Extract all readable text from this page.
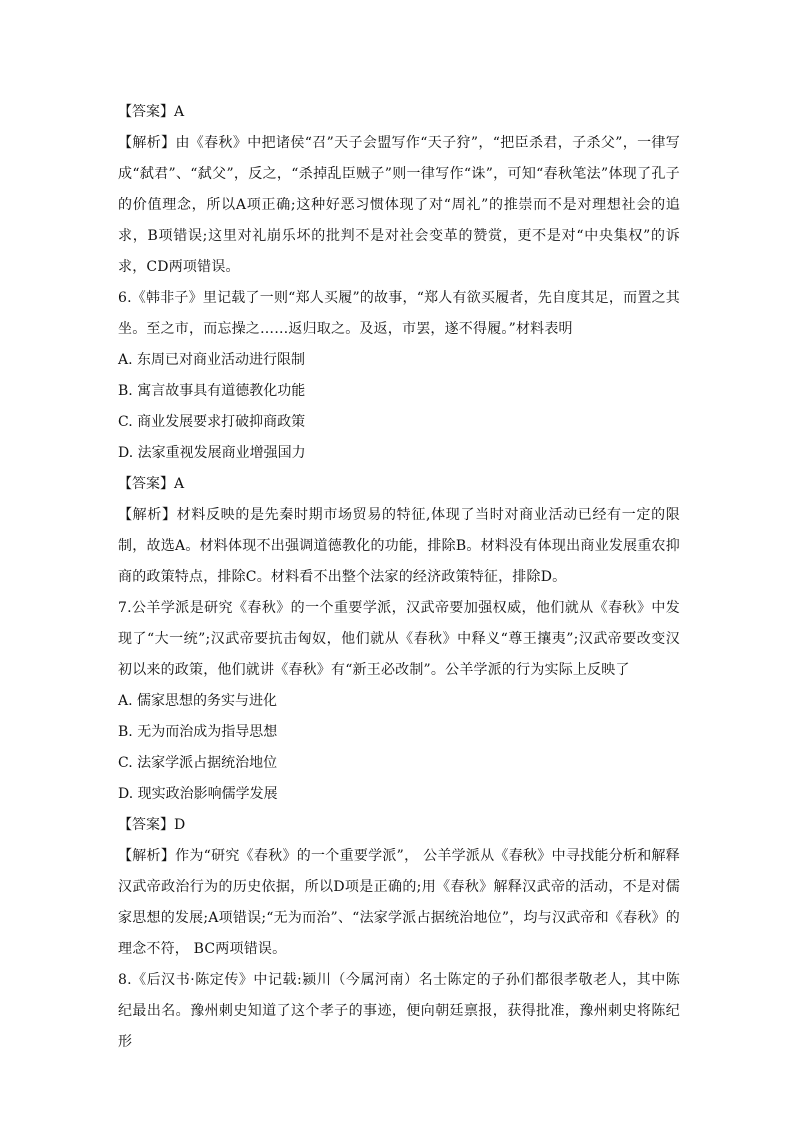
【答案】A

【解析】由《春秋》中把诸侯“召”天子会盟写作“天子狩”，“把臣杀君，子杀父”，一律写成“弑君”、“弑父”，反之，“杀掉乱臣贼子”则一律写作“诛”，可知“春秋笔法”体现了孔子的价值理念，所以A项正确;这种好恶习惯体现了对“周礼”的推崇而不是对理想社会的追求，B项错误;这里对礼崩乐坏的批判不是对社会变革的赞赏，更不是对“中央集权”的诉求，CD两项错误。

6.《韩非子》里记载了一则“郑人买履”的故事，“郑人有欲买履者，先自度其足，而置之其坐。至之市，而忘操之……返归取之。及返，市罢，遂不得履。”材料表明

A. 东周已对商业活动进行限制

B. 寓言故事具有道德教化功能

C. 商业发展要求打破抑商政策

D. 法家重视发展商业增强国力

【答案】A

【解析】材料反映的是先秦时期市场贸易的特征,体现了当时对商业活动已经有一定的限制，故选A。材料体现不出强调道德教化的功能，排除B。材料没有体现出商业发展重农抑商的政策特点，排除C。材料看不出整个法家的经济政策特征，排除D。

7.公羊学派是研究《春秋》的一个重要学派，汉武帝要加强权威，他们就从《春秋》中发现了“大一统”;汉武帝要抗击匈奴，他们就从《春秋》中释义“尊王攘夷”;汉武帝要改变汉初以来的政策，他们就讲《春秋》有“新王必改制”。公羊学派的行为实际上反映了

A. 儒家思想的务实与进化

B. 无为而治成为指导思想

C. 法家学派占据统治地位

D. 现实政治影响儒学发展

【答案】D

【解析】作为“研究《春秋》的一个重要学派”， 公羊学派从《春秋》中寻找能分析和解释汉武帝政治行为的历史依据，所以D项是正确的;用《春秋》解释汉武帝的活动，不是对儒家思想的发展;A项错误;“无为而治”、“法家学派占据统治地位”，均与汉武帝和《春秋》的理念不符， BC两项错误。

8.《后汉书·陈定传》中记载:颍川（今属河南）名士陈定的子孙们都很孝敬老人，其中陈纪最出名。豫州刺史知道了这个孝子的事迹，便向朝廷禀报，获得批准，豫州刺史将陈纪形
